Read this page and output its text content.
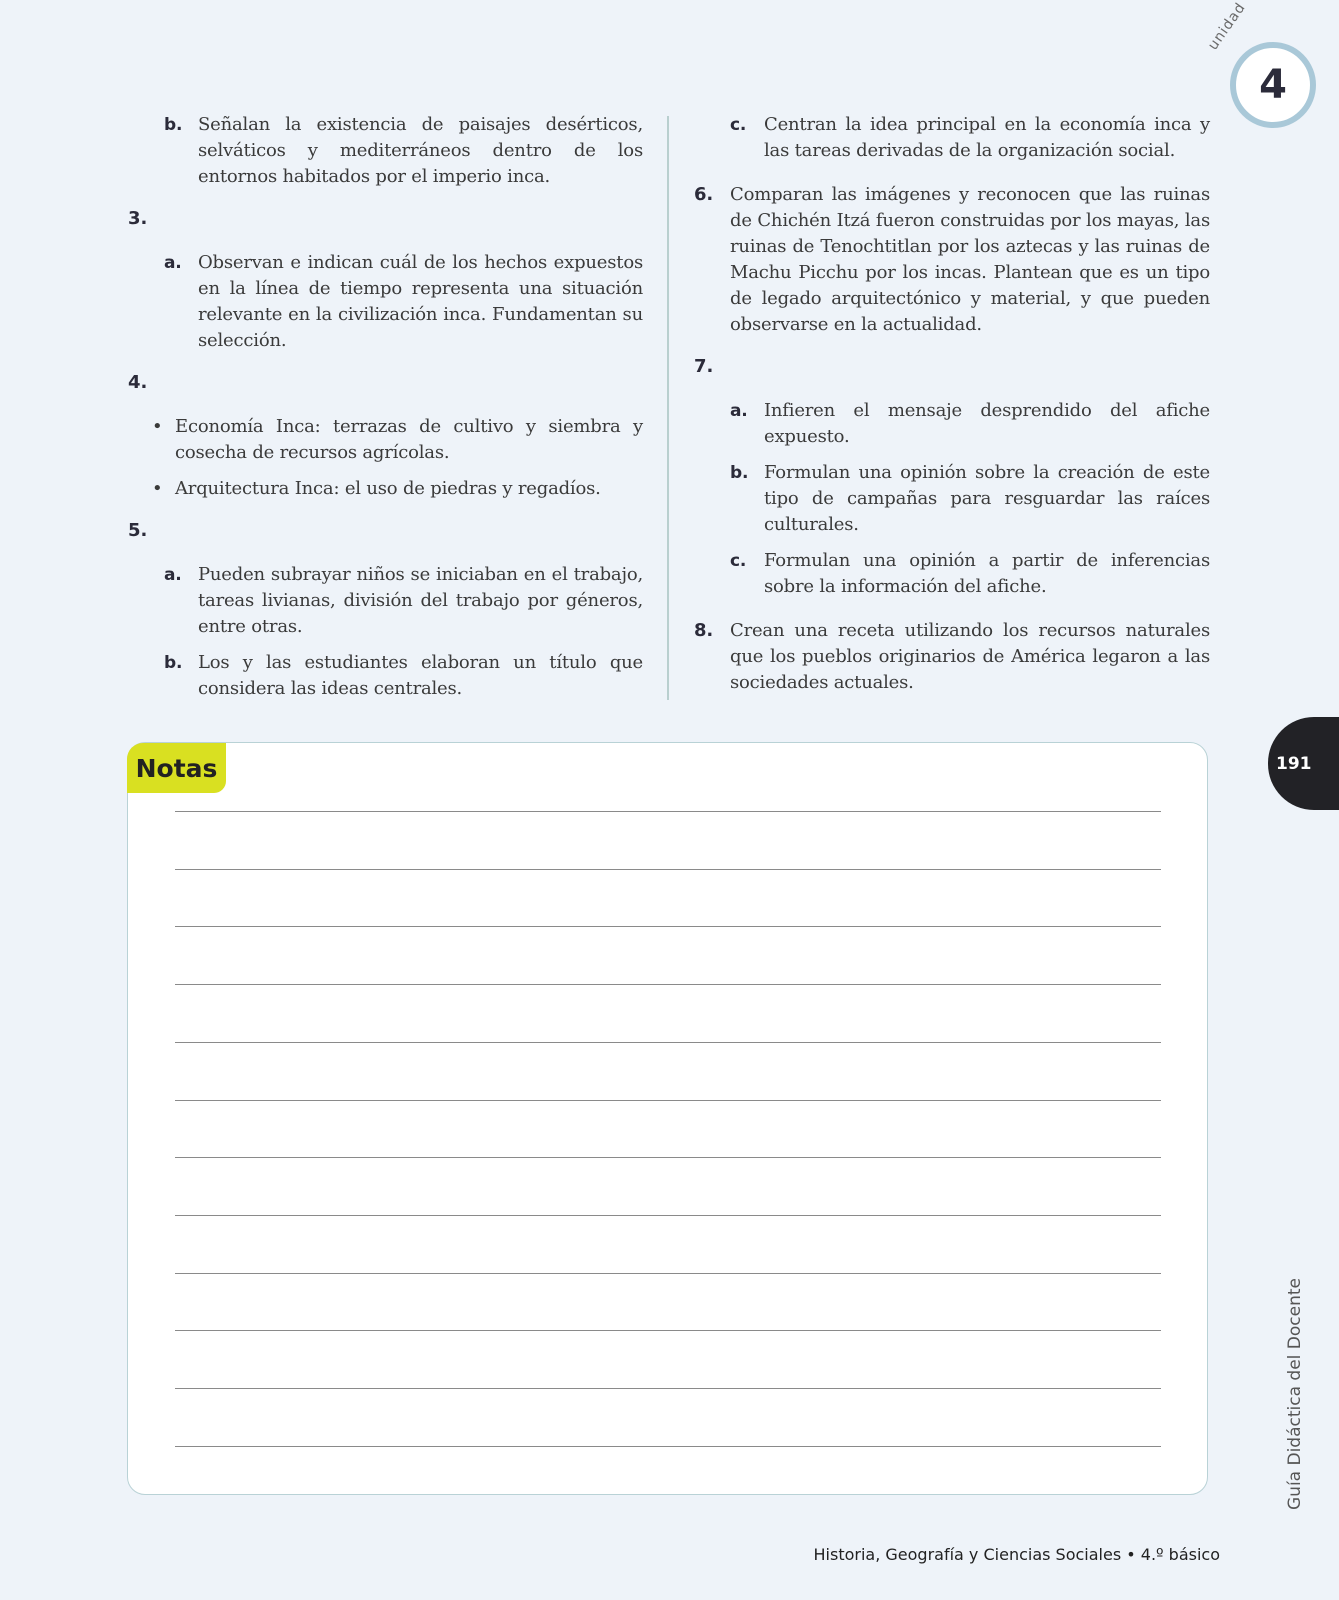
unidad
4
b. Señalan la existencia de paisajes desérticos, selváticos y mediterráneos dentro de los entornos habitados por el imperio inca.
3.
a. Observan e indican cuál de los hechos expuestos en la línea de tiempo representa una situación relevante en la civilización inca. Fundamentan su selección.
4.
• Economía Inca: terrazas de cultivo y siembra y cosecha de recursos agrícolas.
• Arquitectura Inca: el uso de piedras y regadíos.
5.
a. Pueden subrayar niños se iniciaban en el trabajo, tareas livianas, división del trabajo por géneros, entre otras.
b. Los y las estudiantes elaboran un título que considera las ideas centrales.
c. Centran la idea principal en la economía inca y las tareas derivadas de la organización social.
6. Comparan las imágenes y reconocen que las ruinas de Chichén Itzá fueron construidas por los mayas, las ruinas de Tenochtitlan por los aztecas y las ruinas de Machu Picchu por los incas. Plantean que es un tipo de legado arquitectónico y material, y que pueden observarse en la actualidad.
7.
a. Infieren el mensaje desprendido del afiche expuesto.
b. Formulan una opinión sobre la creación de este tipo de campañas para resguardar las raíces culturales.
c. Formulan una opinión a partir de inferencias sobre la información del afiche.
8. Crean una receta utilizando los recursos naturales que los pueblos originarios de América legaron a las sociedades actuales.
191
Guía Didáctica del Docente
Notas
Historia, Geografía y Ciencias Sociales • 4.º básico
